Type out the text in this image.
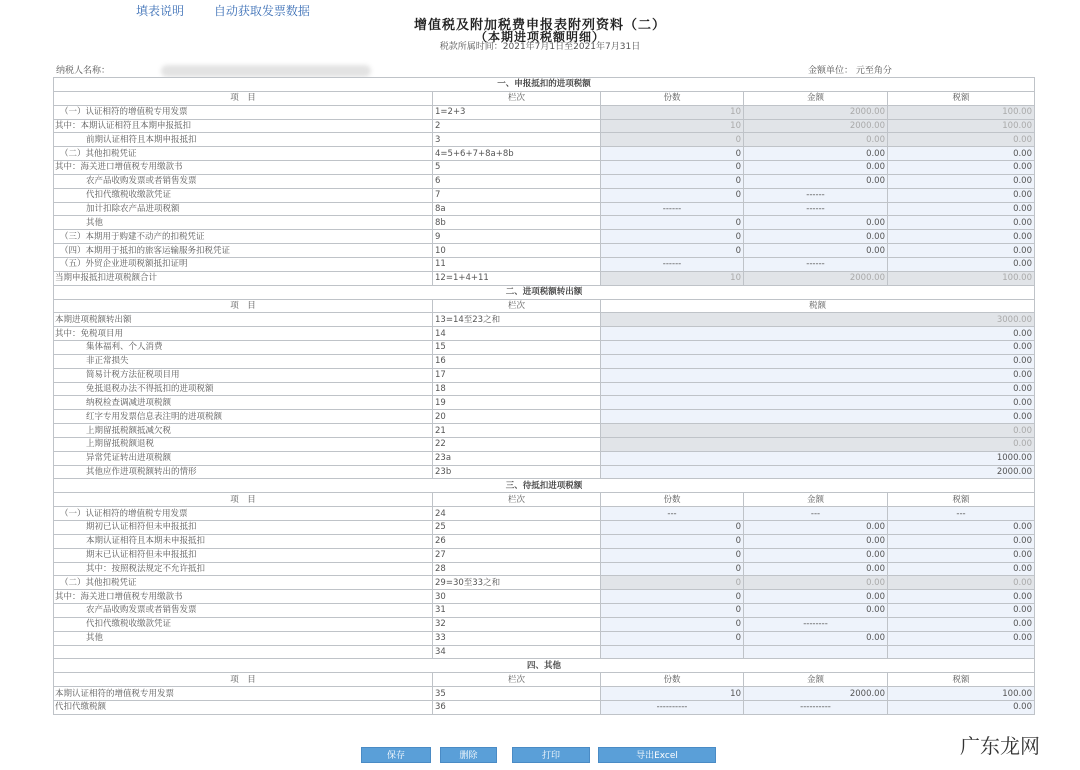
填表说明 自动获取发票数据
增值税及附加税费申报表附列资料（二）
（本期进项税额明细）
税款所属时间：2021年7月1日至2021年7月31日
纳税人名称：	金额单位： 元至角分
一、申报抵扣的进项税额				
项　目	栏次	份数	金额	税额
（一）认证相符的增值税专用发票	1=2+3	10	2000.00	100.00
其中：本期认证相符且本期申报抵扣	2	10	2000.00	100.00
前期认证相符且本期申报抵扣	3	0	0.00	0.00
（二）其他扣税凭证	4=5+6+7+8a+8b	0	0.00	0.00
其中：海关进口增值税专用缴款书	5	0	0.00	0.00
农产品收购发票或者销售发票	6	0	0.00	0.00
代扣代缴税收缴款凭证	7	0	------	0.00
加计扣除农产品进项税额	8a	------	------	0.00
其他	8b	0	0.00	0.00
（三）本期用于购建不动产的扣税凭证	9	0	0.00	0.00
（四）本期用于抵扣的旅客运输服务扣税凭证	10	0	0.00	0.00
（五）外贸企业进项税额抵扣证明	11	------	------	0.00
当期申报抵扣进项税额合计	12=1+4+11	10	2000.00	100.00
二、进项税额转出额				
项　目	栏次	税额		
本期进项税额转出额	13=14至23之和	3000.00		
其中：免税项目用	14	0.00		
集体福利、个人消费	15	0.00		
非正常损失	16	0.00		
简易计税方法征税项目用	17	0.00		
免抵退税办法不得抵扣的进项税额	18	0.00		
纳税检查调减进项税额	19	0.00		
红字专用发票信息表注明的进项税额	20	0.00		
上期留抵税额抵减欠税	21	0.00		
上期留抵税额退税	22	0.00		
异常凭证转出进项税额	23a	1000.00		
其他应作进项税额转出的情形	23b	2000.00		
三、待抵扣进项税额				
项　目	栏次	份数	金额	税额
（一）认证相符的增值税专用发票	24	---	---	---
期初已认证相符但未申报抵扣	25	0	0.00	0.00
本期认证相符且本期未申报抵扣	26	0	0.00	0.00
期末已认证相符但未申报抵扣	27	0	0.00	0.00
其中：按照税法规定不允许抵扣	28	0	0.00	0.00
（二）其他扣税凭证	29=30至33之和	0	0.00	0.00
其中：海关进口增值税专用缴款书	30	0	0.00	0.00
农产品收购发票或者销售发票	31	0	0.00	0.00
代扣代缴税收缴款凭证	32	0	--------	0.00
其他	33	0	0.00	0.00
	34			
四、其他				
项　目	栏次	份数	金额	税额
本期认证相符的增值税专用发票	35	10	2000.00	100.00
代扣代缴税额	36	----------	----------	0.00
保存	删除	打印	导出Excel	广东龙网
